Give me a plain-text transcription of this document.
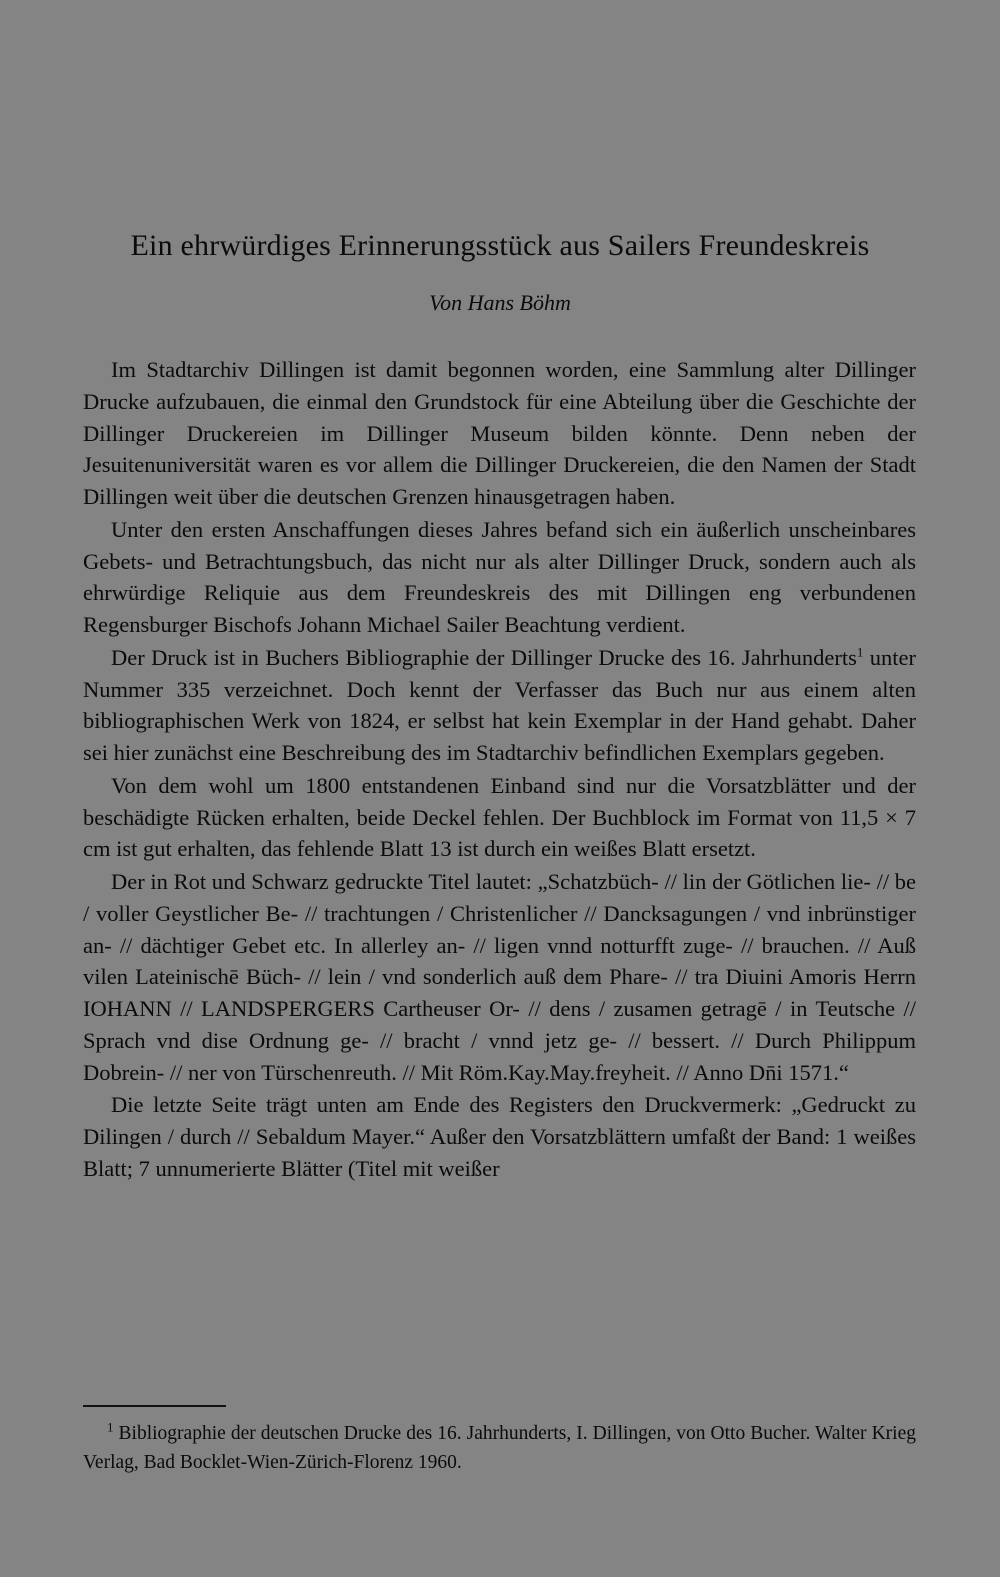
Ein ehrwürdiges Erinnerungsstück aus Sailers Freundeskreis
Von Hans Böhm

Im Stadtarchiv Dillingen ist damit begonnen worden, eine Sammlung alter Dillinger Drucke aufzubauen, die einmal den Grundstock für eine Abteilung über die Geschichte der Dillinger Druckereien im Dillinger Museum bilden könnte. Denn neben der Jesuitenuniversität waren es vor allem die Dillinger Druckereien, die den Namen der Stadt Dillingen weit über die deutschen Grenzen hinausgetragen haben.

Unter den ersten Anschaffungen dieses Jahres befand sich ein äußerlich unscheinbares Gebets- und Betrachtungsbuch, das nicht nur als alter Dillinger Druck, sondern auch als ehrwürdige Reliquie aus dem Freundeskreis des mit Dillingen eng verbundenen Regensburger Bischofs Johann Michael Sailer Beachtung verdient.

Der Druck ist in Buchers Bibliographie der Dillinger Drucke des 16. Jahrhunderts$^1$ unter Nummer 335 verzeichnet. Doch kennt der Verfasser das Buch nur aus einem alten bibliographischen Werk von 1824, er selbst hat kein Exemplar in der Hand gehabt. Daher sei hier zunächst eine Beschreibung des im Stadtarchiv befindlichen Exemplars gegeben.

Von dem wohl um 1800 entstandenen Einband sind nur die Vorsatzblätter und der beschädigte Rücken erhalten, beide Deckel fehlen. Der Buchblock im Format von 11,5 × 7 cm ist gut erhalten, das fehlende Blatt 13 ist durch ein weißes Blatt ersetzt.

Der in Rot und Schwarz gedruckte Titel lautet: „Schatzbüch- // lin der Götlichen lie- // be / voller Geystlicher Be- // trachtungen / Christenlicher // Dancksagungen / vnd inbrünstiger an- // dächtiger Gebet etc. In allerley an- // ligen vnnd notturfft zuge- // brauchen. // Auß vilen Lateinischē Büch- // lein / vnd sonderlich auß dem Phare- // tra Diuini Amoris Herrn IOHANN // LANDSPERGERS Cartheuser Or- // dens / zusamen getragē / in Teutsche // Sprach vnd dise Ordnung ge- // bracht / vnnd jetz ge- // bessert. // Durch Philippum Dobrein- // ner von Türschenreuth. // Mit Röm.Kay.May.freyheit. // Anno Dn̄i 1571.“

Die letzte Seite trägt unten am Ende des Registers den Druckvermerk: „Gedruckt zu Dilingen / durch // Sebaldum Mayer.“ Außer den Vorsatzblättern umfaßt der Band: 1 weißes Blatt; 7 unnumerierte Blätter (Titel mit weißer

$^1$ Bibliographie der deutschen Drucke des 16. Jahrhunderts, I. Dillingen, von Otto Bucher. Walter Krieg Verlag, Bad Bocklet-Wien-Zürich-Florenz 1960.
